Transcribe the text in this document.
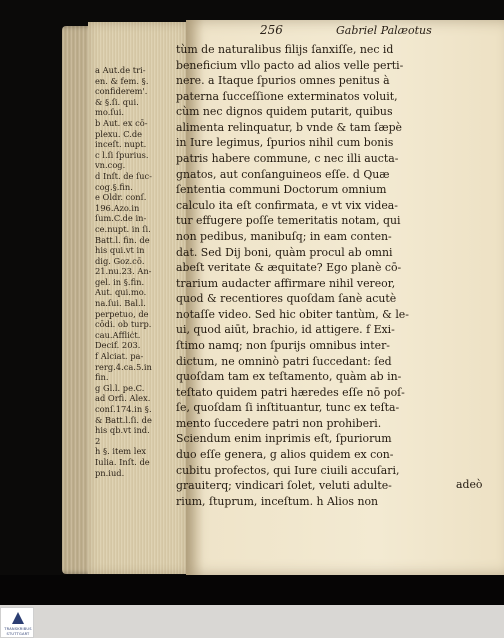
256	Gabriel Palæotus

a Aut.de tri-

en. & fem. §.

confiderem'.

& §.ſi. qui.

mo.ſui.

b Aut. ex cō-

plexu. C.de

inceſt. nupt.

c l.ſi ſpurius.

vn.cog.

d Inſt. de ſuc-

cog.§.fin.

e Oldr. conſ.

196.Azo.in

ſum.C.de in-

ce.nupt. in ſi.

Batt.l. fin. de

his qui.vt in

dig. Goz.cō.

21.nu.23. An-

gel. in §.fin.

Aut. qui.mo.

na.ſui. Bal.l.

perpetuo, de

cōdi. ob turp.

cau.Affliċt.

Decif. 203.

f Alciat. pa-

rerg.4.ca.5.in

fin.

g Gl.l. pe.C.

ad Orfi. Alex.

conſ.174.in §.

& Batt.l.ſi. de

his qb.vt ind.

2

h §. item lex

Iulia. Inſt. de

pn.iud.

tùm de naturalibus filijs ſanxiſſe, nec id

beneficium vllo pacto ad alios velle perti-

nere. a Itaque ſpurios omnes penitus à

paterna ſucceſſione exterminatos voluit,

cùm nec dignos quidem putarit, quibus

alimenta relinquatur, b vnde & tam ſæpè

in Iure legimus, ſpurios nihil cum bonis

patris habere commune, c nec illi aucta-

gnatos, aut conſanguineos eſſe. d Quæ

ſententia communi Doctorum omnium

calculo ita eſt confirmata, e vt vix videa-

tur effugere poſſe temeritatis notam, qui

non pedibus, manibuſq; in eam conten-

dat. Sed Dij boni, quàm procul ab omni

abeſt veritate & æquitate? Ego planè cō-

trarium audacter affirmare nihil vereor,

quod & recentiores quoſdam ſanè acutè

notaſſe video. Sed hic obiter tantùm, & le-

ui, quod aiūt, brachio, id attigere. f Exi-

ſtimo namq; non ſpurijs omnibus inter-

dictum, ne omninò patri ſuccedant: ſed

quoſdam tam ex teſtamento, quàm ab in-

teſtato quidem patri hæredes eſſe nō poſ-

ſe, quoſdam ſi inſtituantur, tunc ex teſta-

mento ſuccedere patri non prohiberi.

Sciendum enim inprimis eſt, ſpuriorum

duo eſſe genera, g alios quidem ex con-

cubitu profectos, qui Iure ciuili accuſari,

grauiterq; vindicari ſolet, veluti adulte-

rium, ſtuprum, inceſtum. h Alios non

adeò
TRANSKRIBUS
STUTTGART
